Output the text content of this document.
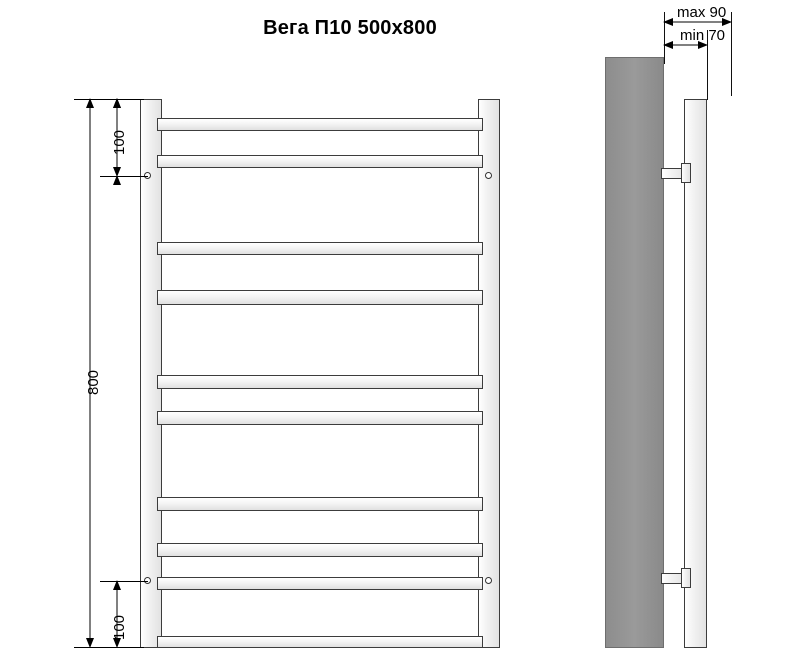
Вега П10 500x800
100
800
100
max 90
min 70
